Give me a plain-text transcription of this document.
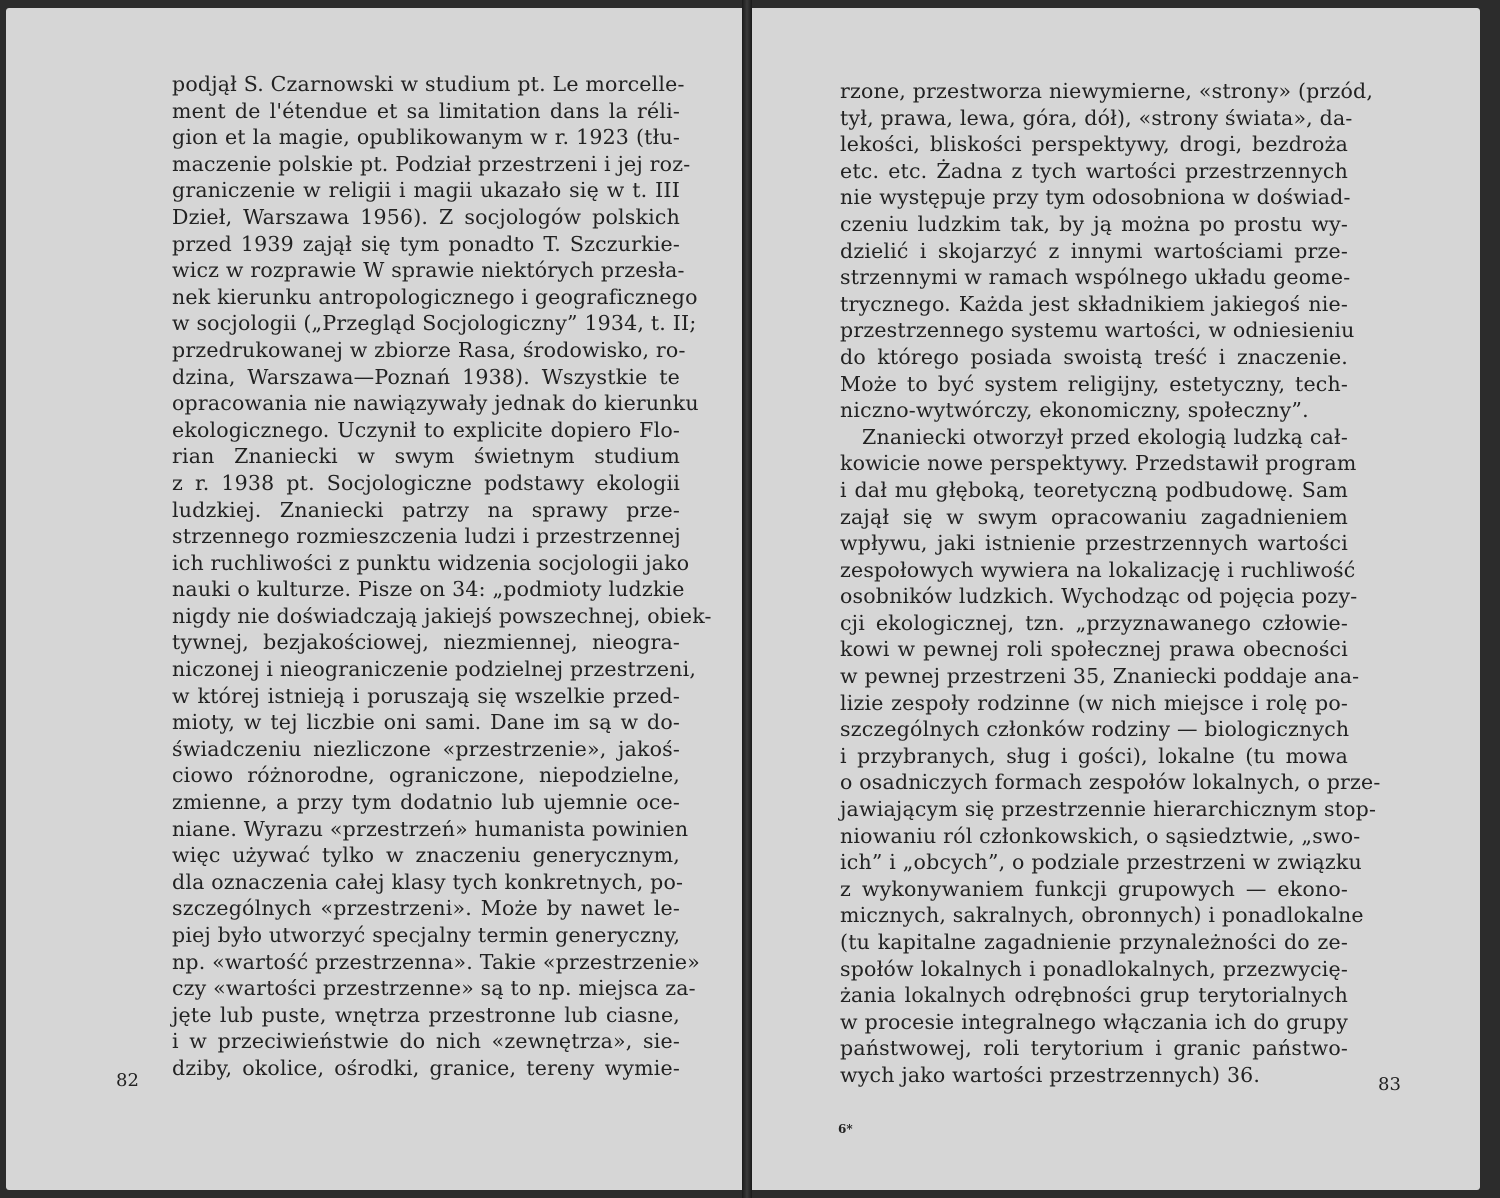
podjął S. Czarnowski w studium pt. Le morcelle-
ment de l'étendue et sa limitation dans la réli-
gion et la magie, opublikowanym w r. 1923 (tłu-
maczenie polskie pt. Podział przestrzeni i jej roz-
graniczenie w religii i magii ukazało się w t. III
Dzieł, Warszawa 1956). Z socjologów polskich
przed 1939 zajął się tym ponadto T. Szczurkie-
wicz w rozprawie W sprawie niektórych przesła-
nek kierunku antropologicznego i geograficznego
w socjologii („Przegląd Socjologiczny” 1934, t. II;
przedrukowanej w zbiorze Rasa, środowisko, ro-
dzina, Warszawa—Poznań 1938). Wszystkie te
opracowania nie nawiązywały jednak do kierunku
ekologicznego. Uczynił to explicite dopiero Flo-
rian Znaniecki w swym świetnym studium
z r. 1938 pt. Socjologiczne podstawy ekologii
ludzkiej. Znaniecki patrzy na sprawy prze-
strzennego rozmieszczenia ludzi i przestrzennej
ich ruchliwości z punktu widzenia socjologii jako
nauki o kulturze. Pisze on 34: „podmioty ludzkie
nigdy nie doświadczają jakiejś powszechnej, obiek-
tywnej, bezjakościowej, niezmiennej, nieogra-
niczonej i nieograniczenie podzielnej przestrzeni,
w której istnieją i poruszają się wszelkie przed-
mioty, w tej liczbie oni sami. Dane im są w do-
świadczeniu niezliczone «przestrzenie», jakoś-
ciowo różnorodne, ograniczone, niepodzielne,
zmienne, a przy tym dodatnio lub ujemnie oce-
niane. Wyrazu «przestrzeń» humanista powinien
więc używać tylko w znaczeniu generycznym,
dla oznaczenia całej klasy tych konkretnych, po-
szczególnych «przestrzeni». Może by nawet le-
piej było utworzyć specjalny termin generyczny,
np. «wartość przestrzenna». Takie «przestrzenie»
czy «wartości przestrzenne» są to np. miejsca za-
jęte lub puste, wnętrza przestronne lub ciasne,
i w przeciwieństwie do nich «zewnętrza», sie-
dziby, okolice, ośrodki, granice, tereny wymie-
82
rzone, przestworza niewymierne, «strony» (przód,
tył, prawa, lewa, góra, dół), «strony świata», da-
lekości, bliskości perspektywy, drogi, bezdroża
etc. etc. Żadna z tych wartości przestrzennych
nie występuje przy tym odosobniona w doświad-
czeniu ludzkim tak, by ją można po prostu wy-
dzielić i skojarzyć z innymi wartościami prze-
strzennymi w ramach wspólnego układu geome-
trycznego. Każda jest składnikiem jakiegoś nie-
przestrzennego systemu wartości, w odniesieniu
do którego posiada swoistą treść i znaczenie.
Może to być system religijny, estetyczny, tech-
niczno-wytwórczy, ekonomiczny, społeczny”.
Znaniecki otworzył przed ekologią ludzką cał-
kowicie nowe perspektywy. Przedstawił program
i dał mu głęboką, teoretyczną podbudowę. Sam
zajął się w swym opracowaniu zagadnieniem
wpływu, jaki istnienie przestrzennych wartości
zespołowych wywiera na lokalizację i ruchliwość
osobników ludzkich. Wychodząc od pojęcia pozy-
cji ekologicznej, tzn. „przyznawanego człowie-
kowi w pewnej roli społecznej prawa obecności
w pewnej przestrzeni 35, Znaniecki poddaje ana-
lizie zespoły rodzinne (w nich miejsce i rolę po-
szczególnych członków rodziny — biologicznych
i przybranych, sług i gości), lokalne (tu mowa
o osadniczych formach zespołów lokalnych, o prze-
jawiającym się przestrzennie hierarchicznym stop-
niowaniu ról członkowskich, o sąsiedztwie, „swo-
ich” i „obcych”, o podziale przestrzeni w związku
z wykonywaniem funkcji grupowych — ekono-
micznych, sakralnych, obronnych) i ponadlokalne
(tu kapitalne zagadnienie przynależności do ze-
społów lokalnych i ponadlokalnych, przezwycię-
żania lokalnych odrębności grup terytorialnych
w procesie integralnego włączania ich do grupy
państwowej, roli terytorium i granic państwo-
wych jako wartości przestrzennych) 36.	83
6*
